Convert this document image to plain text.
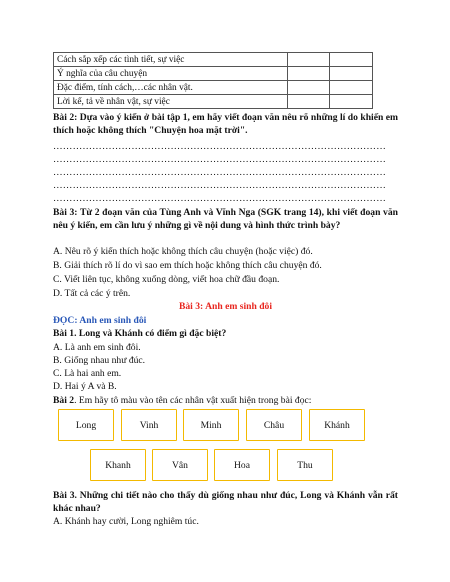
Cách sắp xếp các tình tiết, sự việc		
Ý nghĩa của câu chuyện		
Đặc điểm, tính cách,…các nhân vật.		
Lời kể, tả về nhân vật, sự việc		
Bài 2: Dựa vào ý kiến ở bài tập 1, em hãy viết đoạn văn nêu rõ những lí do khiến em thích hoặc không thích "Chuyện hoa mặt trời".
…………………………………………………………………………………………
…………………………………………………………………………………………
…………………………………………………………………………………………
…………………………………………………………………………………………
…………………………………………………………………………………………
Bài 3: Từ 2 đoạn văn của Tùng Anh và Vĩnh Nga (SGK trang 14), khi viết đoạn văn nêu ý kiến, em cần lưu ý những gì về nội dung và hình thức trình bày?
A. Nêu rõ ý kiến thích hoặc không thích câu chuyện (hoặc việc) đó.
B. Giải thích rõ lí do vì sao em thích hoặc không thích câu chuyện đó.
C. Viết liên tục, không xuống dòng, viết hoa chữ đầu đoạn.
D. Tất cả các ý trên.
Bài 3: Anh em sinh đôi
ĐỌC: Anh em sinh đôi
Bài 1. Long và Khánh có điểm gì đặc biệt?
A. Là anh em sinh đôi.
B. Giống nhau như đúc.
C. Là hai anh em.
D. Hai ý A và B.
Bài 2. Em hãy tô màu vào tên các nhân vật xuất hiện trong bài đọc:
Long	Vinh	Minh	Châu	Khánh
Khanh	Vân	Hoa	Thu
Bài 3. Những chi tiết nào cho thấy dù giống nhau như đúc, Long và Khánh vẫn rất khác nhau?
A. Khánh hay cười, Long nghiêm túc.
